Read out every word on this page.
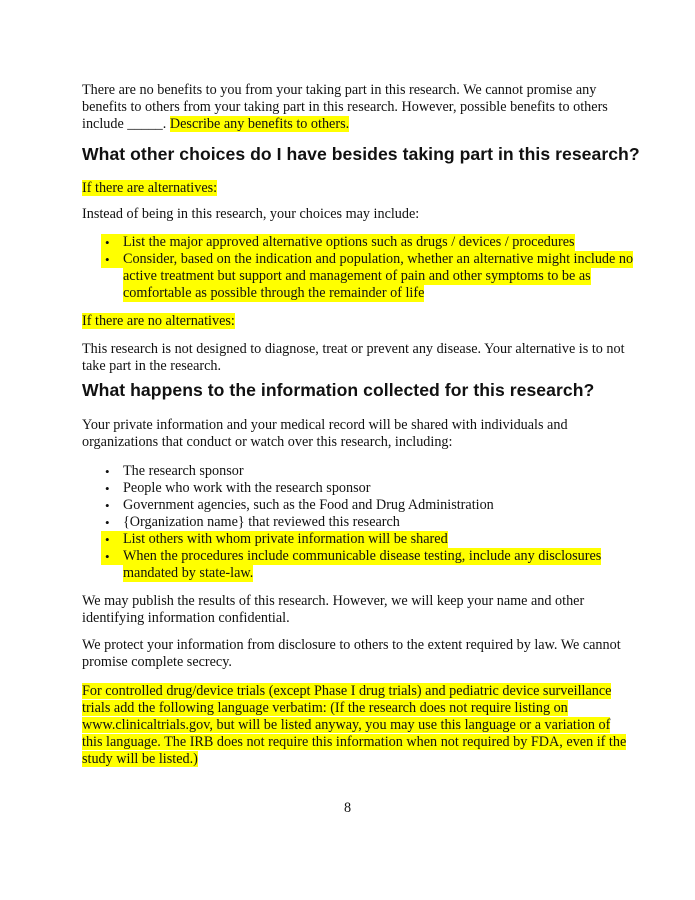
There are no benefits to you from your taking part in this research. We cannot promise any

benefits to others from your taking part in this research. However, possible benefits to others

include _____. Describe any benefits to others.

What other choices do I have besides taking part in this research?

If there are alternatives:

Instead of being in this research, your choices may include:

• List the major approved alternative options such as drugs / devices / procedures
• Consider, based on the indication and population, whether an alternative might include no
active treatment but support and management of pain and other symptoms to be as
comfortable as possible through the remainder of life

If there are no alternatives:

This research is not designed to diagnose, treat or prevent any disease. Your alternative is to not

take part in the research.

What happens to the information collected for this research?

Your private information and your medical record will be shared with individuals and

organizations that conduct or watch over this research, including:

• The research sponsor
• People who work with the research sponsor
• Government agencies, such as the Food and Drug Administration
• {Organization name} that reviewed this research
• List others with whom private information will be shared
• When the procedures include communicable disease testing, include any disclosures
mandated by state-law.

We may publish the results of this research. However, we will keep your name and other

identifying information confidential.

We protect your information from disclosure to others to the extent required by law. We cannot

promise complete secrecy.

For controlled drug/device trials (except Phase I drug trials) and pediatric device surveillance

trials add the following language verbatim: (If the research does not require listing on

www.clinicaltrials.gov, but will be listed anyway, you may use this language or a variation of

this language. The IRB does not require this information when not required by FDA, even if the

study will be listed.)

8
